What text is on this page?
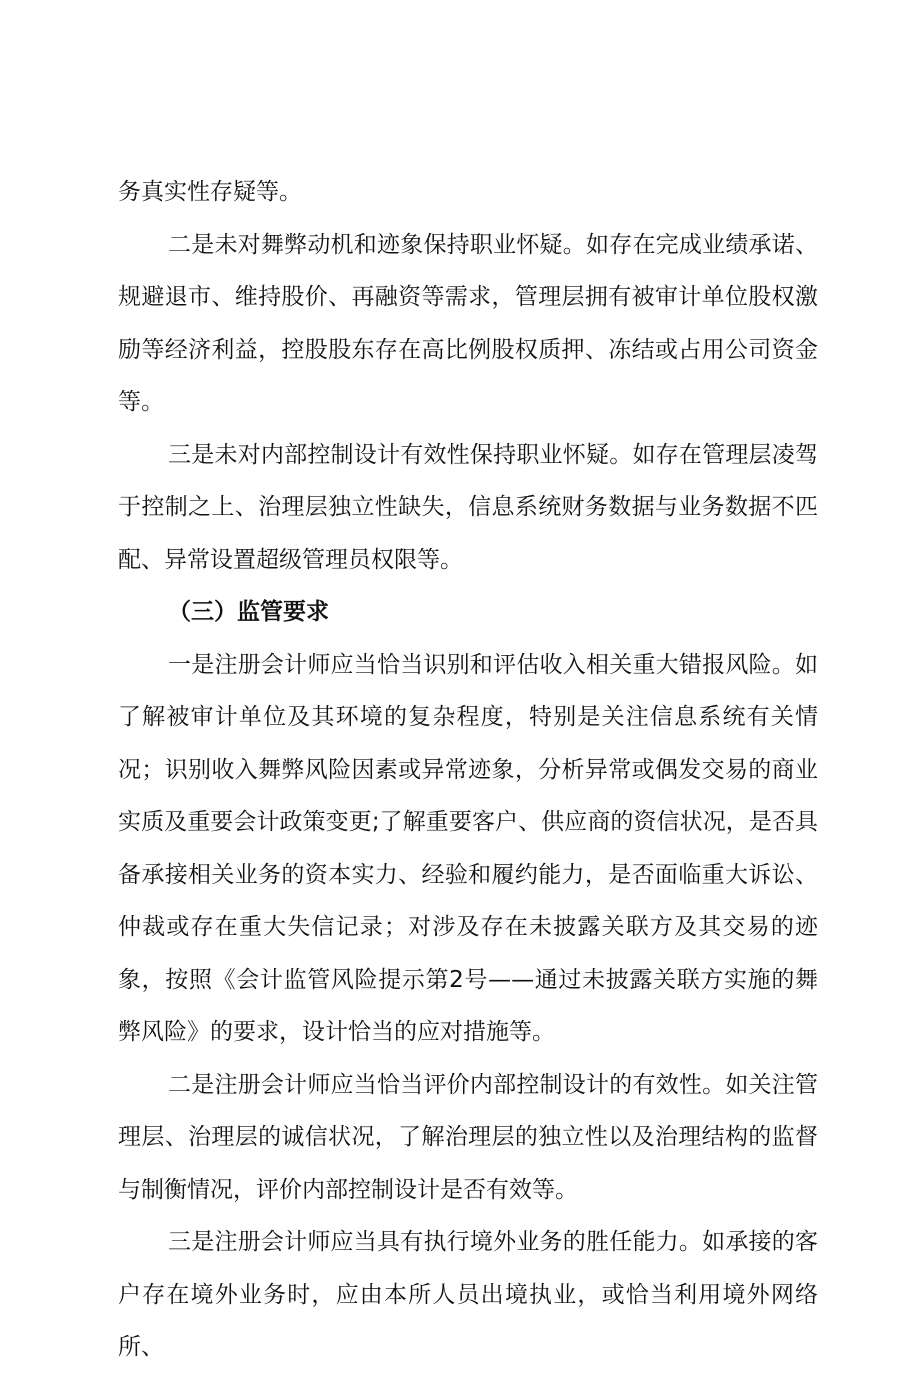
务真实性存疑等。

二是未对舞弊动机和迹象保持职业怀疑。如存在完成业绩承诺、规避退市、维持股价、再融资等需求，管理层拥有被审计单位股权激励等经济利益，控股股东存在高比例股权质押、冻结或占用公司资金等。

三是未对内部控制设计有效性保持职业怀疑。如存在管理层凌驾于控制之上、治理层独立性缺失，信息系统财务数据与业务数据不匹配、异常设置超级管理员权限等。

（三）监管要求

一是注册会计师应当恰当识别和评估收入相关重大错报风险。如了解被审计单位及其环境的复杂程度，特别是关注信息系统有关情况；识别收入舞弊风险因素或异常迹象，分析异常或偶发交易的商业实质及重要会计政策变更;了解重要客户、供应商的资信状况，是否具备承接相关业务的资本实力、经验和履约能力，是否面临重大诉讼、仲裁或存在重大失信记录；对涉及存在未披露关联方及其交易的迹象，按照《会计监管风险提示第2号——通过未披露关联方实施的舞弊风险》的要求，设计恰当的应对措施等。

二是注册会计师应当恰当评价内部控制设计的有效性。如关注管理层、治理层的诚信状况，了解治理层的独立性以及治理结构的监督与制衡情况，评价内部控制设计是否有效等。

三是注册会计师应当具有执行境外业务的胜任能力。如承接的客户存在境外业务时，应由本所人员出境执业，或恰当利用境外网络所、
